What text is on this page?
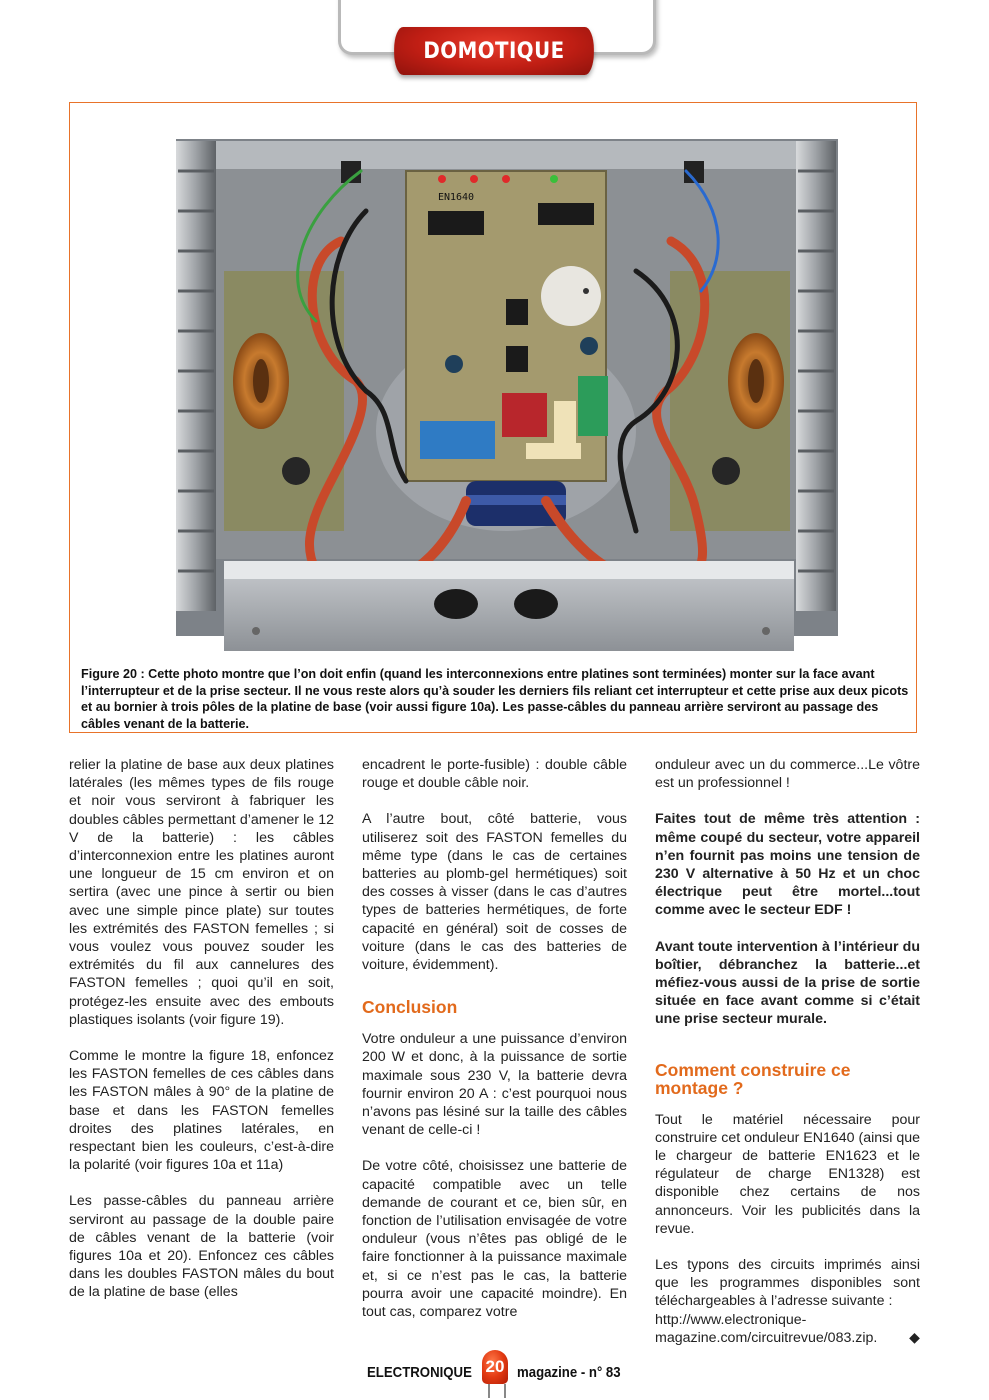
DOMOTIQUE
EN1640
Figure 20 : Cette photo montre que l’on doit enfin (quand les interconnexions entre platines sont terminées) monter sur la face avant l’interrupteur et de la prise secteur. Il ne vous reste alors qu’à souder les derniers fils reliant cet interrupteur et cette prise aux deux picots et au bornier à trois pôles de la platine de base (voir aussi figure 10a). Les passe-câbles du panneau arrière serviront au passage des câbles venant de la batterie.

relier la platine de base aux deux platines latérales (les mêmes types de fils rouge et noir vous serviront à fabriquer les doubles câbles permettant d’amener le 12 V de la batterie) : les câbles d’interconnexion entre les platines auront une longueur de 15 cm environ et on sertira (avec une pince à sertir ou bien avec une simple pince plate) sur toutes les extrémités des FASTON femelles ; si vous voulez vous pouvez souder les extrémités du fil aux cannelures des FASTON femelles ; quoi qu’il en soit, protégez-les ensuite avec des embouts plastiques isolants (voir figure 19).

Comme le montre la figure 18, enfoncez les FASTON femelles de ces câbles dans les FASTON mâles à 90° de la platine de base et dans les FASTON femelles droites des platines latérales, en respectant bien les couleurs, c’est-à-dire la polarité (voir figures 10a et 11a)

Les passe-câbles du panneau arrière serviront au passage de la double paire de câbles venant de la batterie (voir figures 10a et 20). Enfoncez ces câbles dans les doubles FASTON mâles du bout de la platine de base (elles

encadrent le porte-fusible) : double câble rouge et double câble noir.

A l’autre bout, côté batterie, vous utiliserez soit des FASTON femelles du même type (dans le cas de certaines batteries au plomb-gel hermétiques) soit des cosses à visser (dans le cas d’autres types de batteries hermétiques, de forte capacité en général) soit de cosses de voiture (dans le cas des batteries de voiture, évidemment).

Conclusion

Votre onduleur a une puissance d’environ 200 W et donc, à la puissance de sortie maximale sous 230 V, la batterie devra fournir environ 20 A : c’est pourquoi nous n’avons pas lésiné sur la taille des câbles venant de celle-ci !

De votre côté, choisissez une batterie de capacité compatible avec un telle demande de courant et ce, bien sûr, en fonction de l’utilisation envisagée de votre onduleur (vous n’êtes pas obligé de le faire fonctionner à la puissance maximale et, si ce n’est pas le cas, la batterie pourra avoir une capacité moindre). En tout cas, comparez votre

onduleur avec un du commerce...Le vôtre est un professionnel !

Faites tout de même très attention : même coupé du secteur, votre appareil n’en fournit pas moins une tension de 230 V alternative à 50 Hz et un choc électrique peut être mortel...tout comme avec le secteur EDF !

Avant toute intervention à l’intérieur du boîtier, débranchez la batterie...et méfiez-vous aussi de la prise de sortie située en face avant comme si c’était une prise secteur murale.

Comment construire ce montage ?

Tout le matériel nécessaire pour construire cet onduleur EN1640 (ainsi que le chargeur de batterie EN1623 et le régulateur de charge EN1328) est disponible chez certains de nos annonceurs. Voir les publicités dans la revue.

Les typons des circuits imprimés ainsi que les programmes disponibles sont téléchargeables à l’adresse suivante :

http://www.electronique-magazine.com/circuitrevue/083.zip. ◆

ELECTRONIQUE 20 magazine - n° 83
